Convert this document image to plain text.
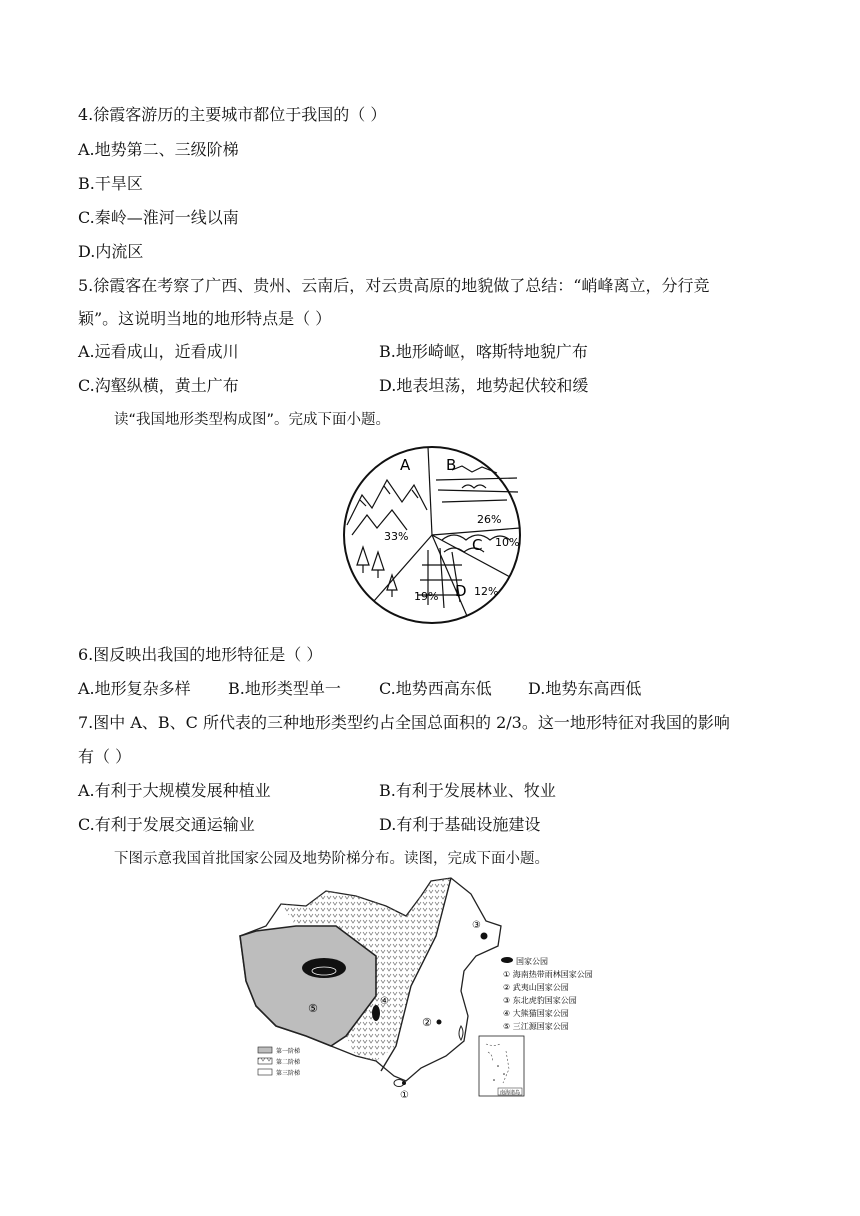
4.徐霞客游历的主要城市都位于我国的（ ）
A.地势第二、三级阶梯
B.干旱区
C.秦岭—淮河一线以南
D.内流区
5.徐霞客在考察了广西、贵州、云南后，对云贵高原的地貌做了总结：“峭峰离立，分行竞
颖”。这说明当地的地形特点是（ ）
A.远看成山，近看成川	B.地形崎岖，喀斯特地貌广布
C.沟壑纵横，黄土广布	D.地表坦荡，地势起伏较和缓
读“我国地形类型构成图”。完成下面小题。
A B
C
D
33%
26%
10%
12%
19%
6.图反映出我国的地形特征是（ ）
A.地形复杂多样 B.地形类型单一 C.地势西高东低 D.地势东高西低
7.图中 A、B、C 所代表的三种地形类型约占全国总面积的 2/3。这一地形特征对我国的影响
有（ ）
A.有利于大规模发展种植业	B.有利于发展林业、牧业
C.有利于发展交通运输业	D.有利于基础设施建设
下图示意我国首批国家公园及地势阶梯分布。读图，完成下面小题。
⑤
④
③
②
①
第一阶梯
第二阶梯
第三阶梯
国家公园
① 海南热带雨林国家公园
② 武夷山国家公园
③ 东北虎豹国家公园
④ 大熊猫国家公园
⑤ 三江源国家公园
南海诸岛
